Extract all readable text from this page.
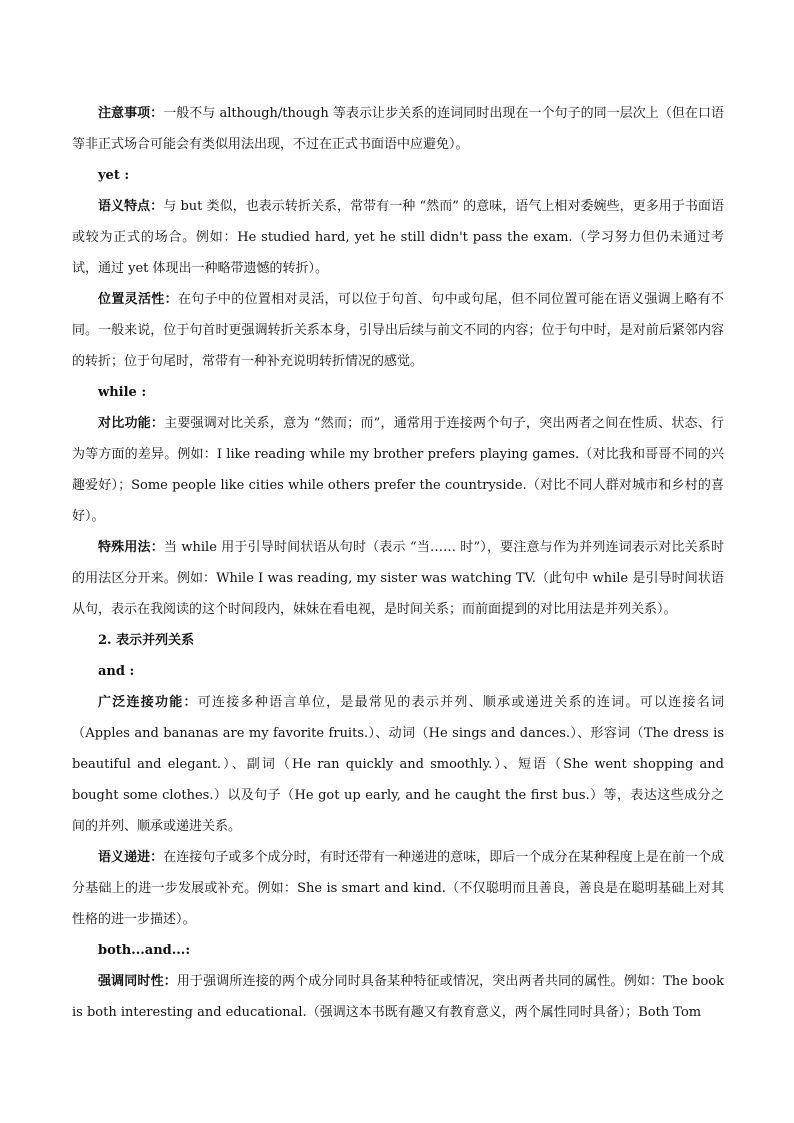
注意事项：一般不与 although/though 等表示让步关系的连词同时出现在一个句子的同一层次上（但在口语等非正式场合可能会有类似用法出现，不过在正式书面语中应避免）。

yet :

语义特点：与 but 类似，也表示转折关系，常带有一种 “然而” 的意味，语气上相对委婉些，更多用于书面语或较为正式的场合。例如：He studied hard, yet he still didn't pass the exam.（学习努力但仍未通过考试，通过 yet 体现出一种略带遗憾的转折）。

位置灵活性：在句子中的位置相对灵活，可以位于句首、句中或句尾，但不同位置可能在语义强调上略有不同。一般来说，位于句首时更强调转折关系本身，引导出后续与前文不同的内容；位于句中时，是对前后紧邻内容的转折；位于句尾时，常带有一种补充说明转折情况的感觉。

while :

对比功能：主要强调对比关系，意为 “然而；而”，通常用于连接两个句子，突出两者之间在性质、状态、行为等方面的差异。例如：I like reading while my brother prefers playing games.（对比我和哥哥不同的兴趣爱好）；Some people like cities while others prefer the countryside.（对比不同人群对城市和乡村的喜好）。

特殊用法：当 while 用于引导时间状语从句时（表示 “当…… 时”），要注意与作为并列连词表示对比关系时的用法区分开来。例如：While I was reading, my sister was watching TV.（此句中 while 是引导时间状语从句，表示在我阅读的这个时间段内，妹妹在看电视，是时间关系；而前面提到的对比用法是并列关系）。

2. 表示并列关系

and :

广泛连接功能：可连接多种语言单位，是最常见的表示并列、顺承或递进关系的连词。可以连接名词（Apples and bananas are my favorite fruits.）、动词（He sings and dances.）、形容词（The dress is beautiful and elegant.）、副词（He ran quickly and smoothly.）、短语（She went shopping and bought some clothes.）以及句子（He got up early, and he caught the first bus.）等，表达这些成分之间的并列、顺承或递进关系。

语义递进：在连接句子或多个成分时，有时还带有一种递进的意味，即后一个成分在某种程度上是在前一个成分基础上的进一步发展或补充。例如：She is smart and kind.（不仅聪明而且善良，善良是在聪明基础上对其性格的进一步描述）。

both...and...:

强调同时性：用于强调所连接的两个成分同时具备某种特征或情况，突出两者共同的属性。例如：The book is both interesting and educational.（强调这本书既有趣又有教育意义，两个属性同时具备）；Both Tom
